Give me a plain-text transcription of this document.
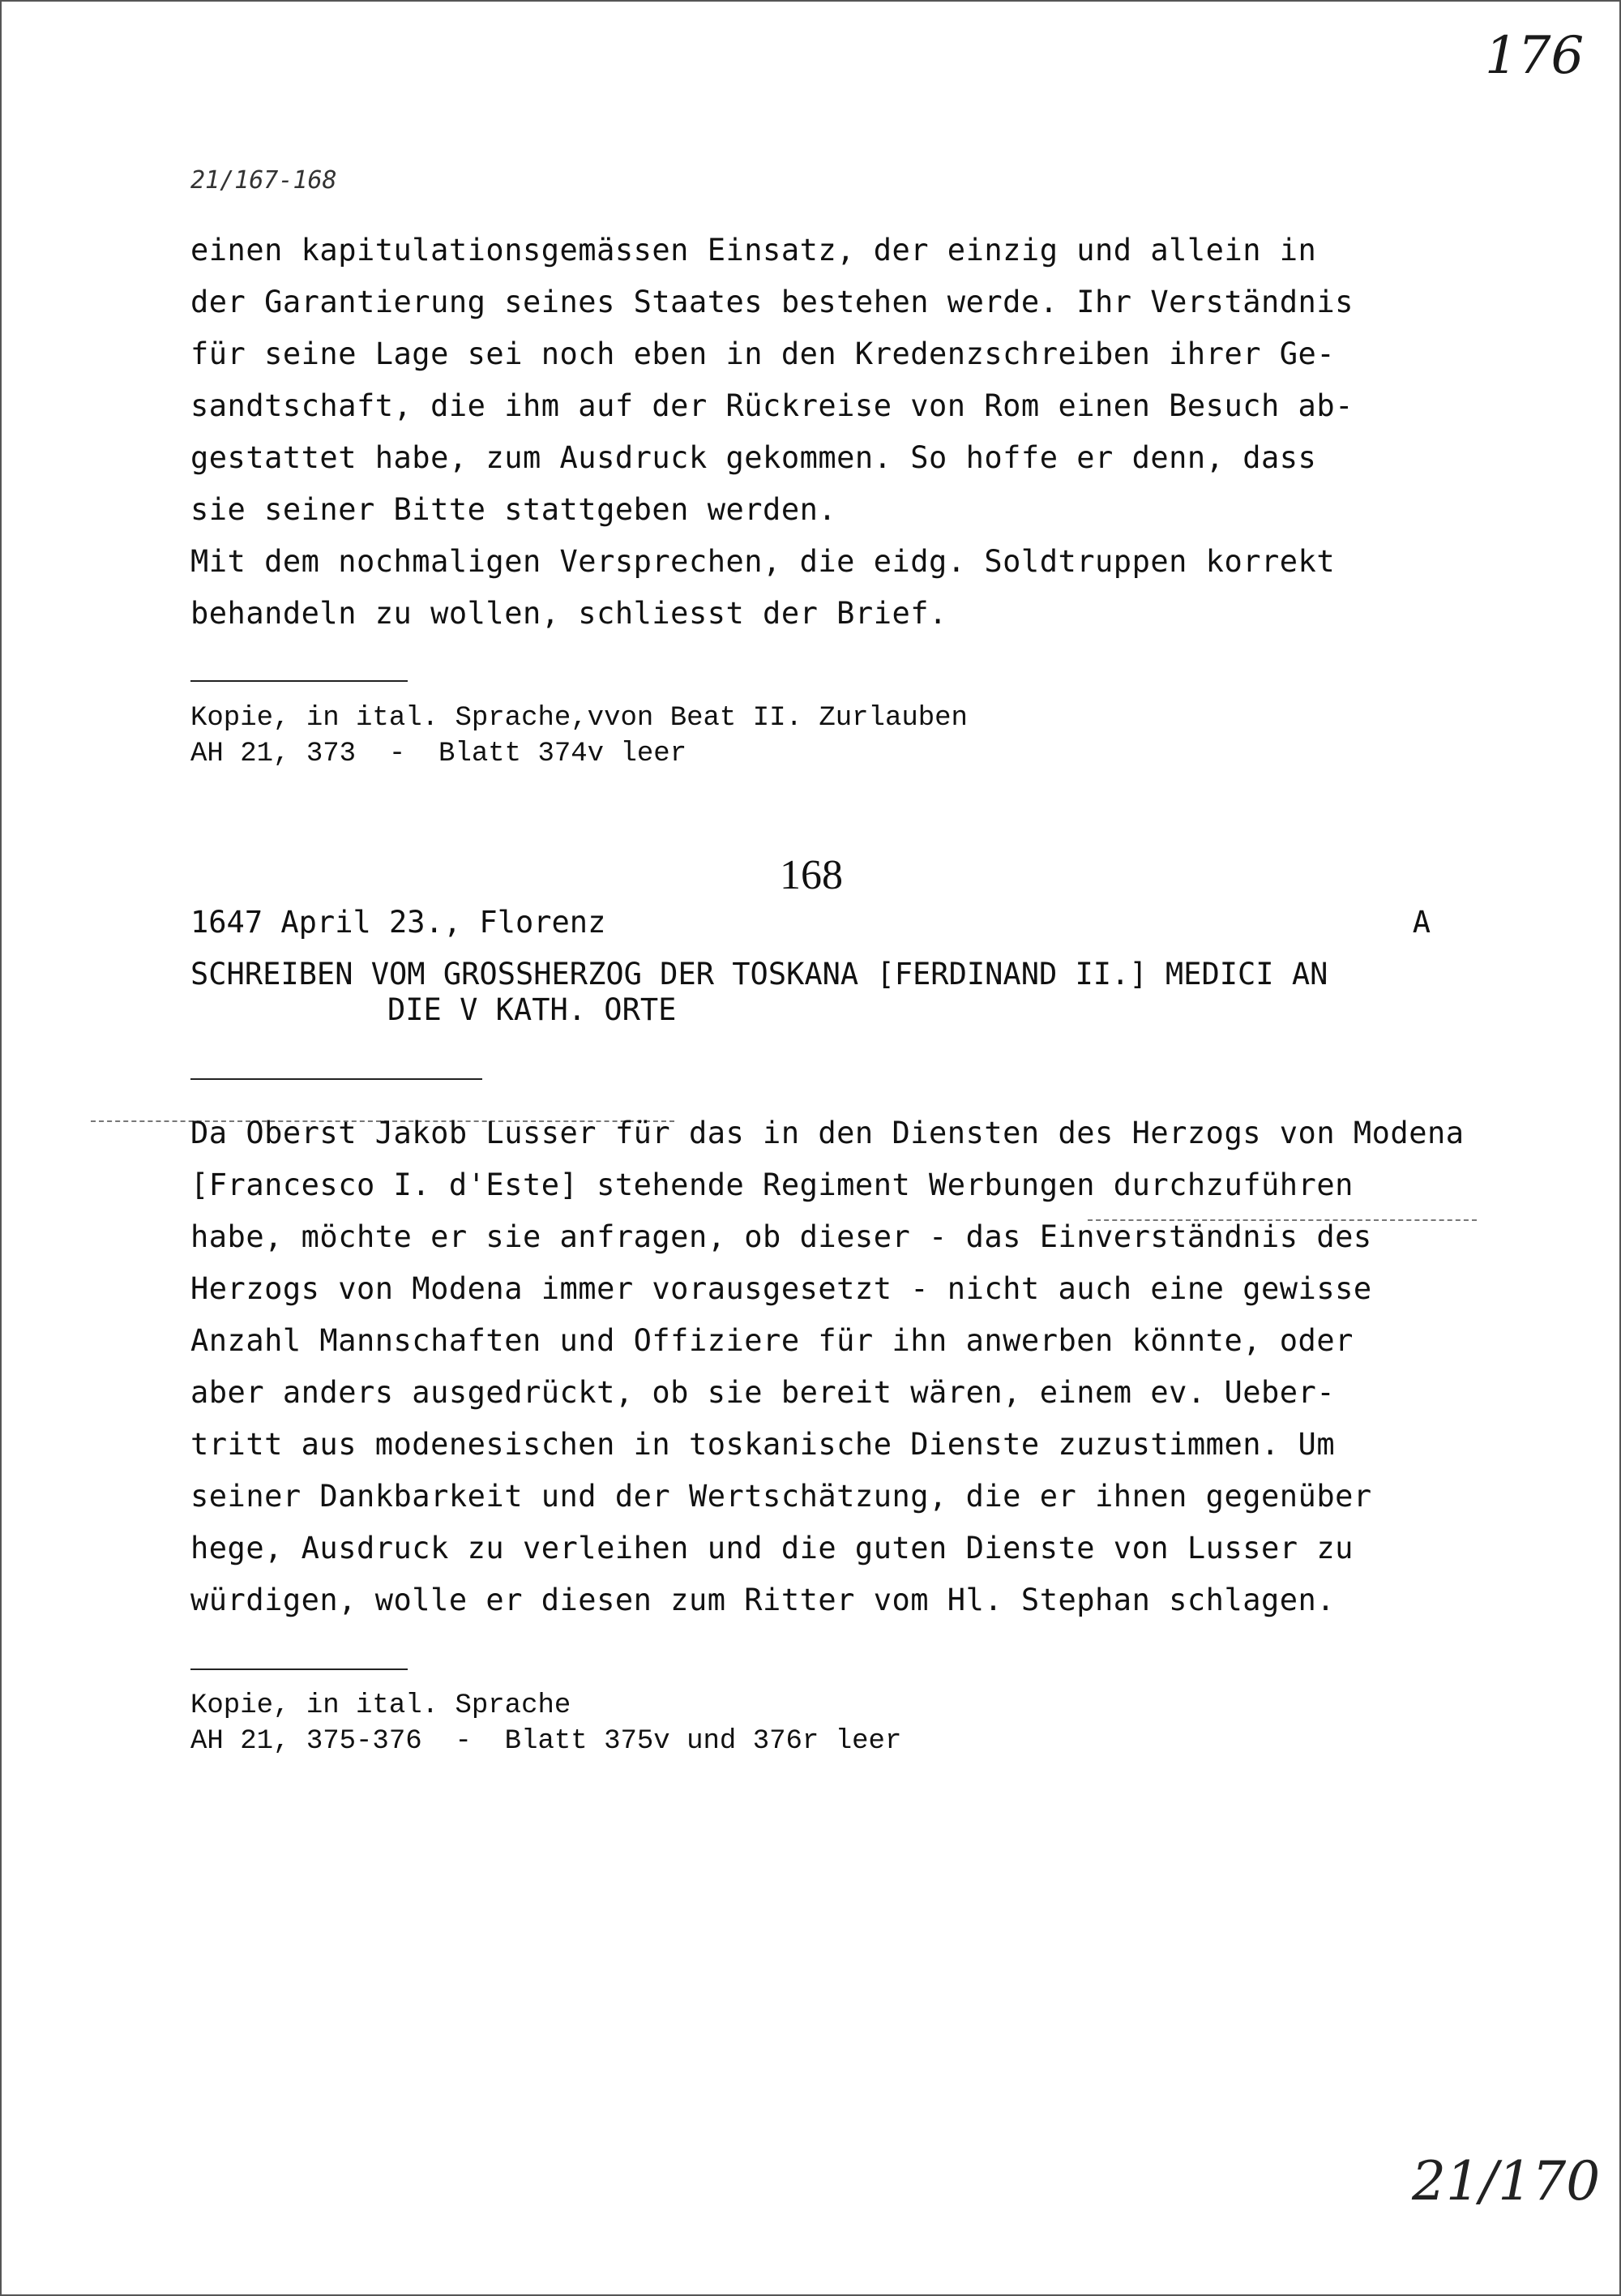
176
21/167-168
einen kapitulationsgemässen Einsatz, der einzig und allein in
der Garantierung seines Staates bestehen werde. Ihr Verständnis
für seine Lage sei noch eben in den Kredenzschreiben ihrer Ge-
sandtschaft, die ihm auf der Rückreise von Rom einen Besuch ab-
gestattet habe, zum Ausdruck gekommen. So hoffe er denn, dass
sie seiner Bitte stattgeben werden.
Mit dem nochmaligen Versprechen, die eidg. Soldtruppen korrekt
behandeln zu wollen, schliesst der Brief.
Kopie, in ital. Sprache,vvon Beat II. Zurlauben
AH 21, 373  -  Blatt 374v leer
168
1647 April 23., Florenz	A
SCHREIBEN VOM GROSSHERZOG DER TOSKANA [FERDINAND II.] MEDICI AN
DIE V KATH. ORTE
Da Oberst Jakob Lusser für das in den Diensten des Herzogs von Modena
[Francesco I. d'Este] stehende Regiment Werbungen durchzuführen
habe, möchte er sie anfragen, ob dieser - das Einverständnis des
Herzogs von Modena immer vorausgesetzt - nicht auch eine gewisse
Anzahl Mannschaften und Offiziere für ihn anwerben könnte, oder
aber anders ausgedrückt, ob sie bereit wären, einem ev. Ueber-
tritt aus modenesischen in toskanische Dienste zuzustimmen. Um
seiner Dankbarkeit und der Wertschätzung, die er ihnen gegenüber
hege, Ausdruck zu verleihen und die guten Dienste von Lusser zu
würdigen, wolle er diesen zum Ritter vom Hl. Stephan schlagen.
Kopie, in ital. Sprache
AH 21, 375-376  -  Blatt 375v und 376r leer
21/170
